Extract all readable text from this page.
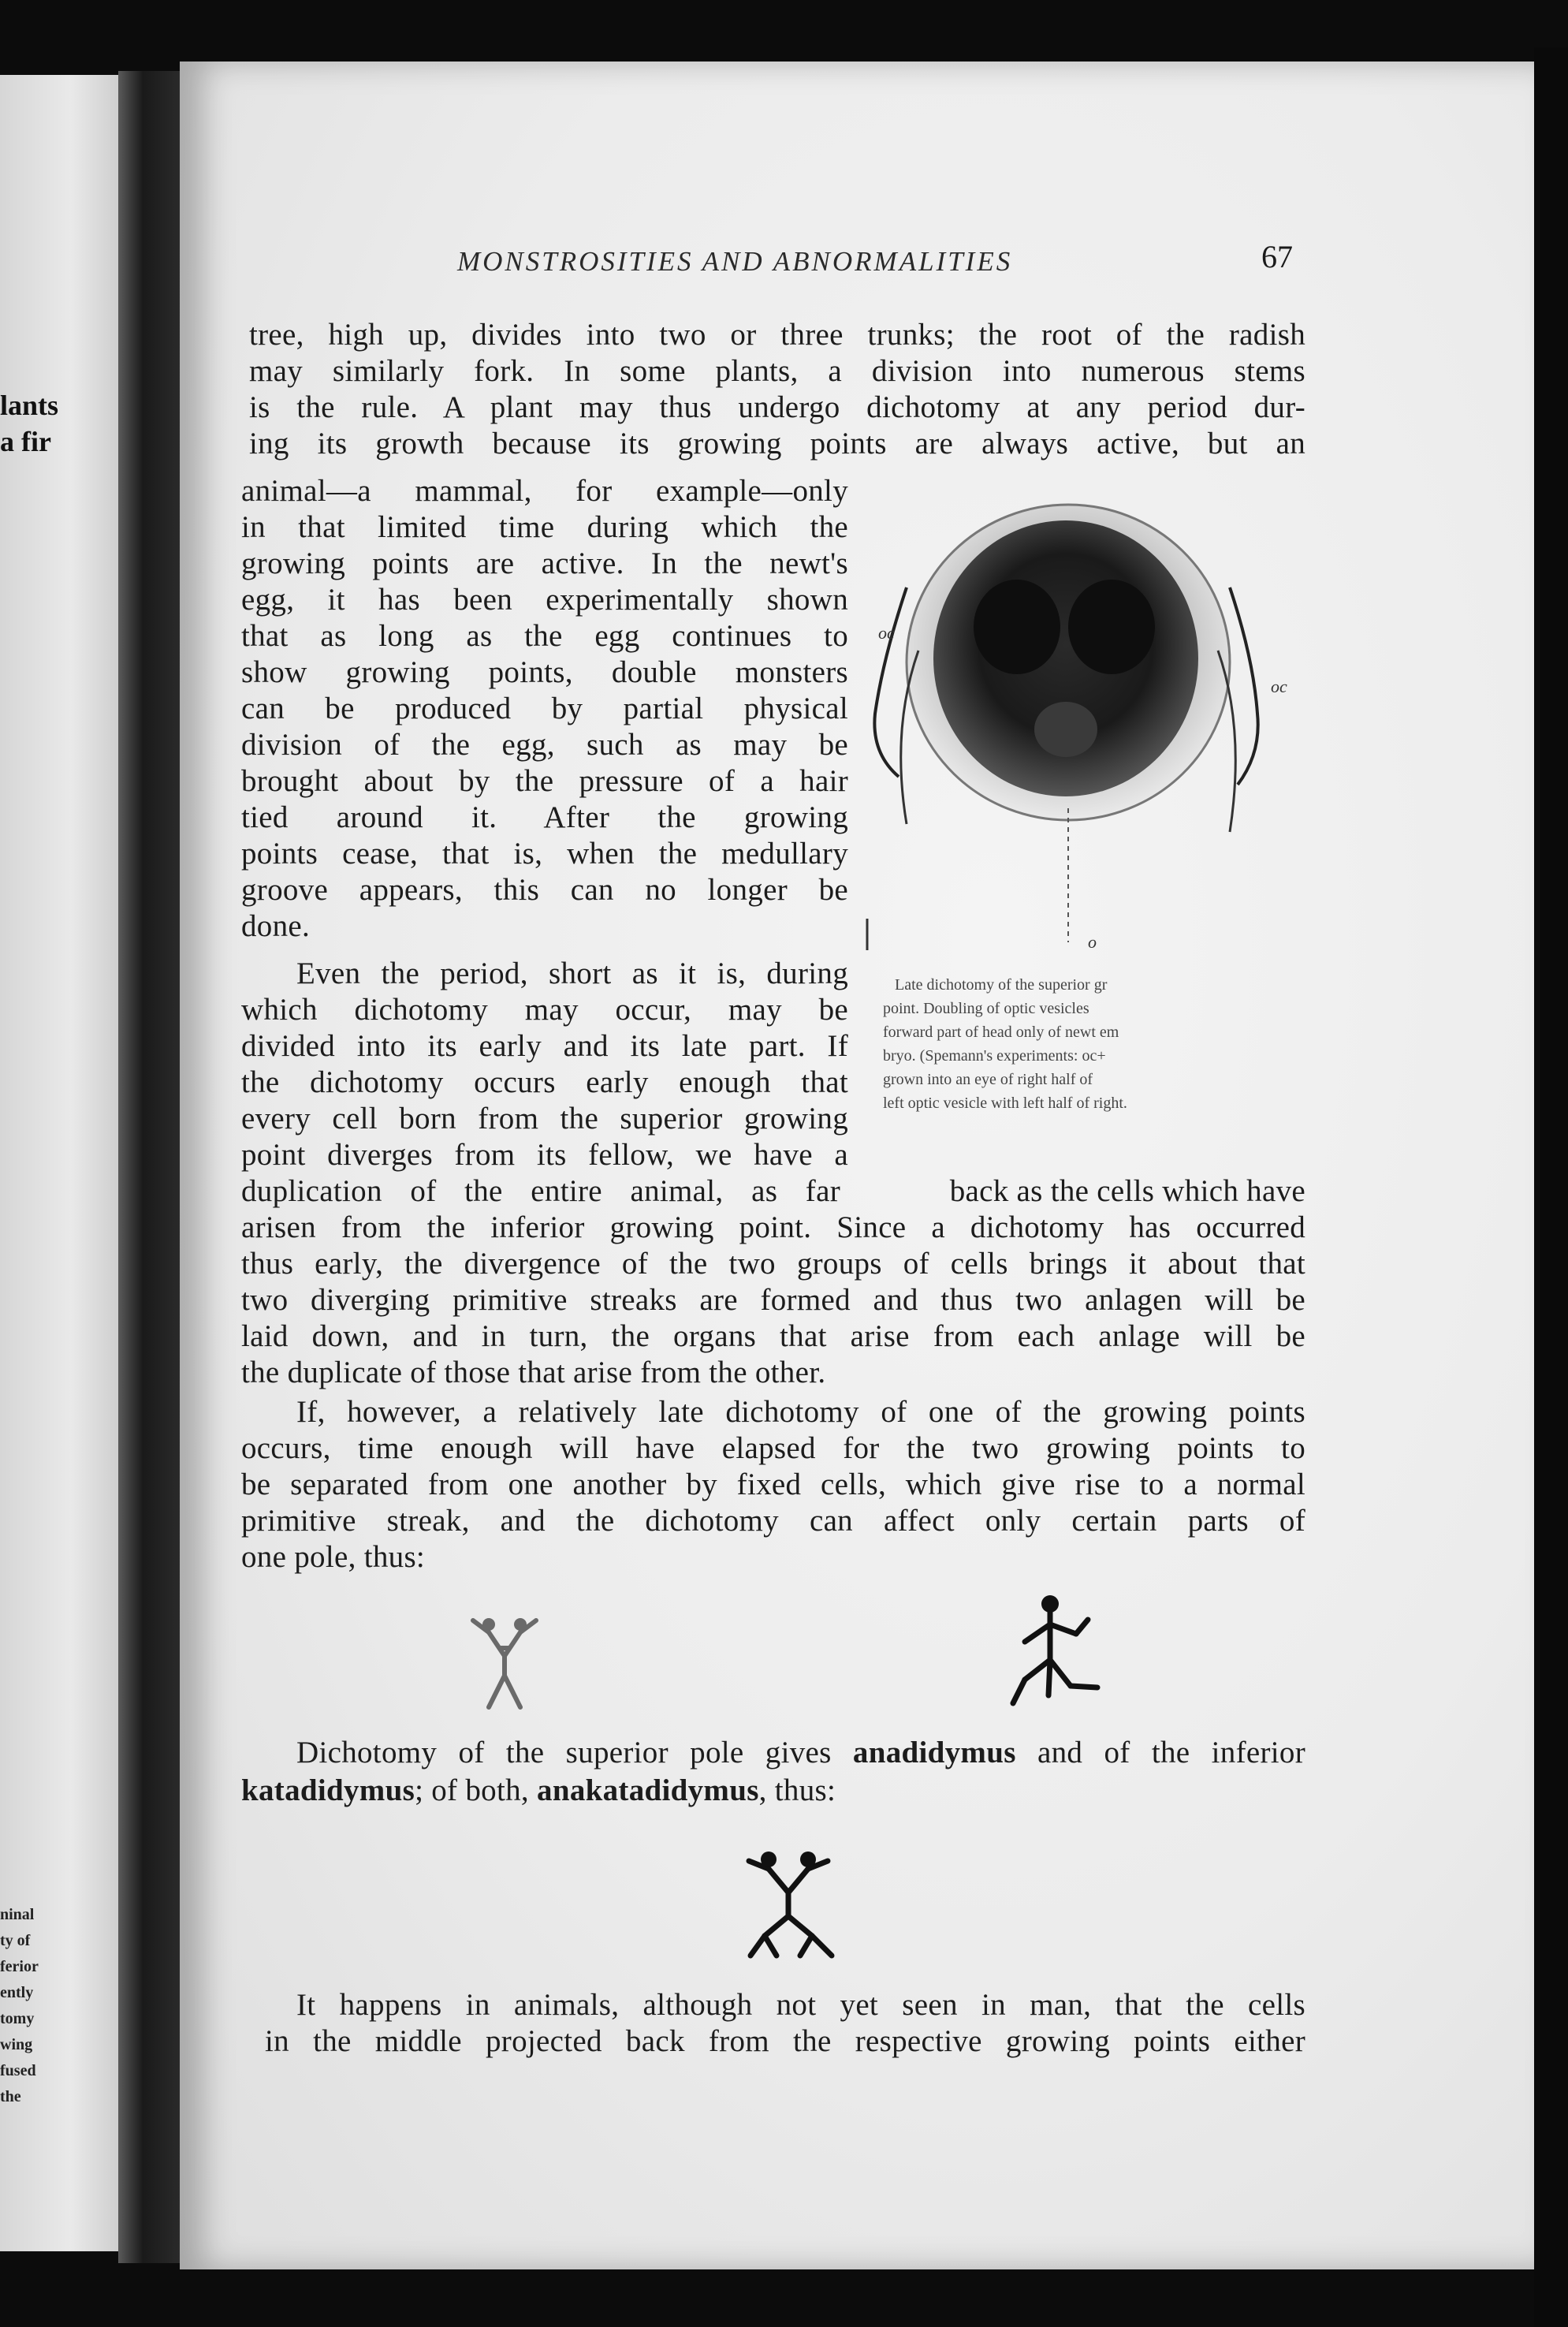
lants
a fir
ninal
ty of
ferior
ently
tomy
wing
fused
the
MONSTROSITIES AND ABNORMALITIES	67
tree, high up, divides into two or three trunks; the root of the radish
may similarly fork. In some plants, a division into numerous stems
is the rule. A plant may thus undergo dichotomy at any period dur-
ing its growth because its growing points are always active, but an
animal—a mammal, for example—only
in that limited time during which the
growing points are active. In the newt's
egg, it has been experimentally shown
that as long as the egg continues to
show growing points, double monsters
can be produced by partial physical
division of the egg, such as may be
brought about by the pressure of a hair
tied around it. After the growing
points cease, that is, when the medullary
groove appears, this can no longer be
done.
Even the period, short as it is, during
which dichotomy may occur, may be
divided into its early and its late part. If
the dichotomy occurs early enough that
every cell born from the superior growing
point diverges from its fellow, we have a
duplication of the entire animal, as far	back as the cells which have
arisen from the inferior growing point. Since a dichotomy has occurred
thus early, the divergence of the two groups of cells brings it about that
two diverging primitive streaks are formed and thus two anlagen will be
laid down, and in turn, the organs that arise from each anlage will be
the duplicate of those that arise from the other.
If, however, a relatively late dichotomy of one of the growing points
occurs, time enough will have elapsed for the two growing points to
be separated from one another by fixed cells, which give rise to a normal
primitive streak, and the dichotomy can affect only certain parts of
one pole, thus:
Dichotomy of the superior pole gives anadidymus and of the inferior
katadidymus; of both, anakatadidymus, thus:
It happens in animals, although not yet seen in man, that the cells
in the middle projected back from the respective growing points either
oc
oc
o
Late dichotomy of the superior gr
point. Doubling of optic vesicles
forward part of head only of newt em
bryo. (Spemann's experiments: oc+
grown into an eye of right half of
left optic vesicle with left half of right.
